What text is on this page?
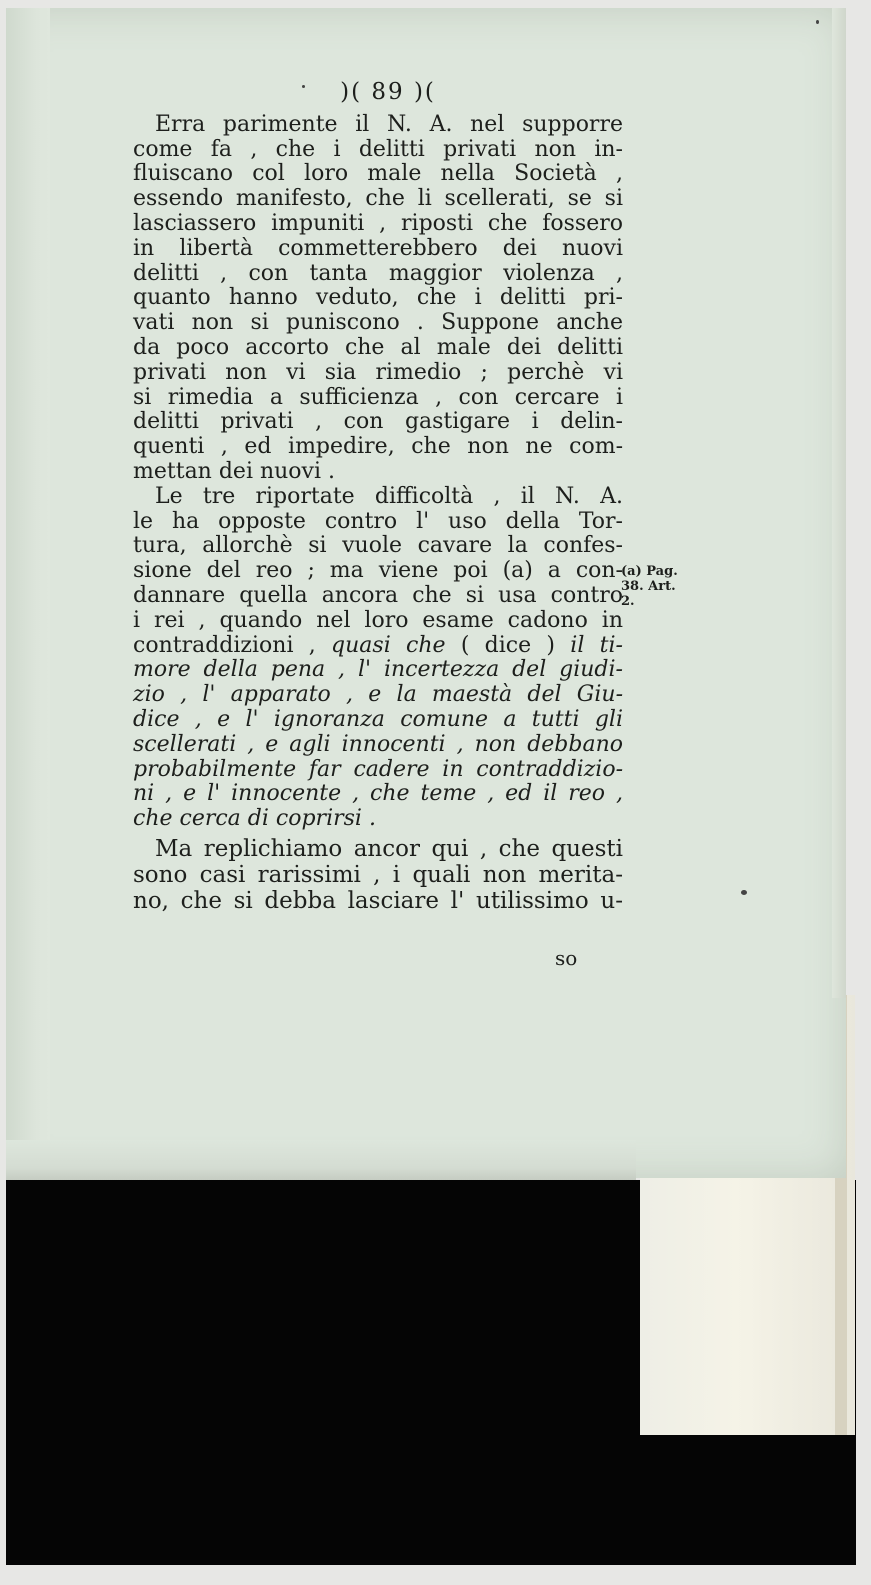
)( 89 )(
Erra parimente il N. A. nel supporre
come fa , che i delitti privati non in-
fluiscano col loro male nella Società ,
essendo manifesto, che li scellerati, se si
lasciassero impuniti , riposti che fossero
in libertà commetterebbero dei nuovi
delitti , con tanta maggior violenza ,
quanto hanno veduto, che i delitti pri-
vati non si puniscono . Suppone anche
da poco accorto che al male dei delitti
privati non vi sia rimedio ; perchè vi
si rimedia a sufficienza , con cercare i
delitti privati , con gastigare i delin-
quenti , ed impedire, che non ne com-
mettan dei nuovi .
Le tre riportate difficoltà , il N. A.
le ha opposte contro l' uso della Tor-
tura, allorchè si vuole cavare la confes-
sione del reo ; ma viene poi (a) a con-
dannare quella ancora che si usa contro
i rei , quando nel loro esame cadono in
contraddizioni , quasi che ( dice ) il ti-
more della pena , l' incertezza del giudi-
zio , l' apparato , e la maestà del Giu-
dice , e l' ignoranza comune a tutti gli
scellerati , e agli innocenti , non debbano
probabilmente far cadere in contraddizio-
ni , e l' innocente , che teme , ed il reo ,
che cerca di coprirsi .
Ma replichiamo ancor qui , che questi
sono casi rarissimi , i quali non merita-
no, che si debba lasciare l' utilissimo u-
so
(a) Pag.
38. Art.
2.
